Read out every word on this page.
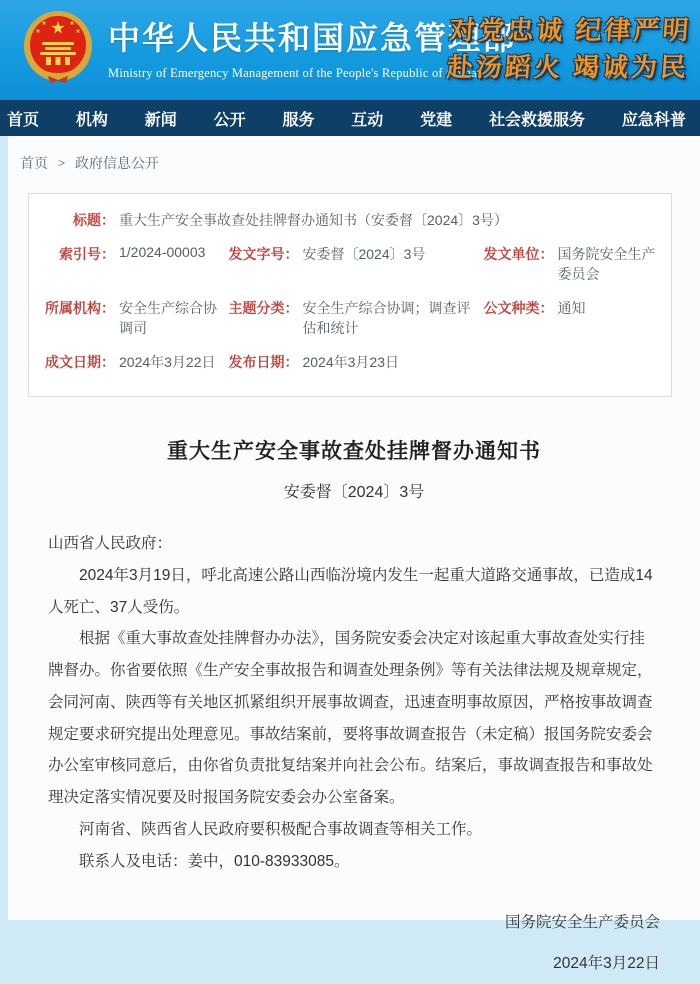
中华人民共和国应急管理部
Ministry of Emergency Management of the People's Republic of China
对党忠诚 纪律严明
赴汤蹈火 竭诚为民
首页 机构 新闻 公开 服务 互动 党建 社会救援服务 应急科普
首页 > 政府信息公开
标题： 重大生产安全事故查处挂牌督办通知书（安委督〔2024〕3号）
索引号： 1/2024-00003	发文字号： 安委督〔2024〕3号	发文单位： 国务院安全生产委员会
所属机构： 安全生产综合协调司
主题分类： 安全生产综合协调；调查评估和统计
公文种类： 通知
成文日期： 2024年3月22日 发布日期： 2024年3月23日
重大生产安全事故查处挂牌督办通知书
安委督〔2024〕3号

山西省人民政府：

2024年3月19日，呼北高速公路山西临汾境内发生一起重大道路交通事故，已造成14人死亡、37人受伤。

根据《重大事故查处挂牌督办办法》，国务院安委会决定对该起重大事故查处实行挂牌督办。你省要依照《生产安全事故报告和调查处理条例》等有关法律法规及规章规定，会同河南、陕西等有关地区抓紧组织开展事故调查，迅速查明事故原因，严格按事故调查规定要求研究提出处理意见。事故结案前，要将事故调查报告（未定稿）报国务院安委会办公室审核同意后，由你省负责批复结案并向社会公布。结案后，事故调查报告和事故处理决定落实情况要及时报国务院安委会办公室备案。

河南省、陕西省人民政府要积极配合事故调查等相关工作。

联系人及电话：姜中，010-83933085。

国务院安全生产委员会
2024年3月22日
